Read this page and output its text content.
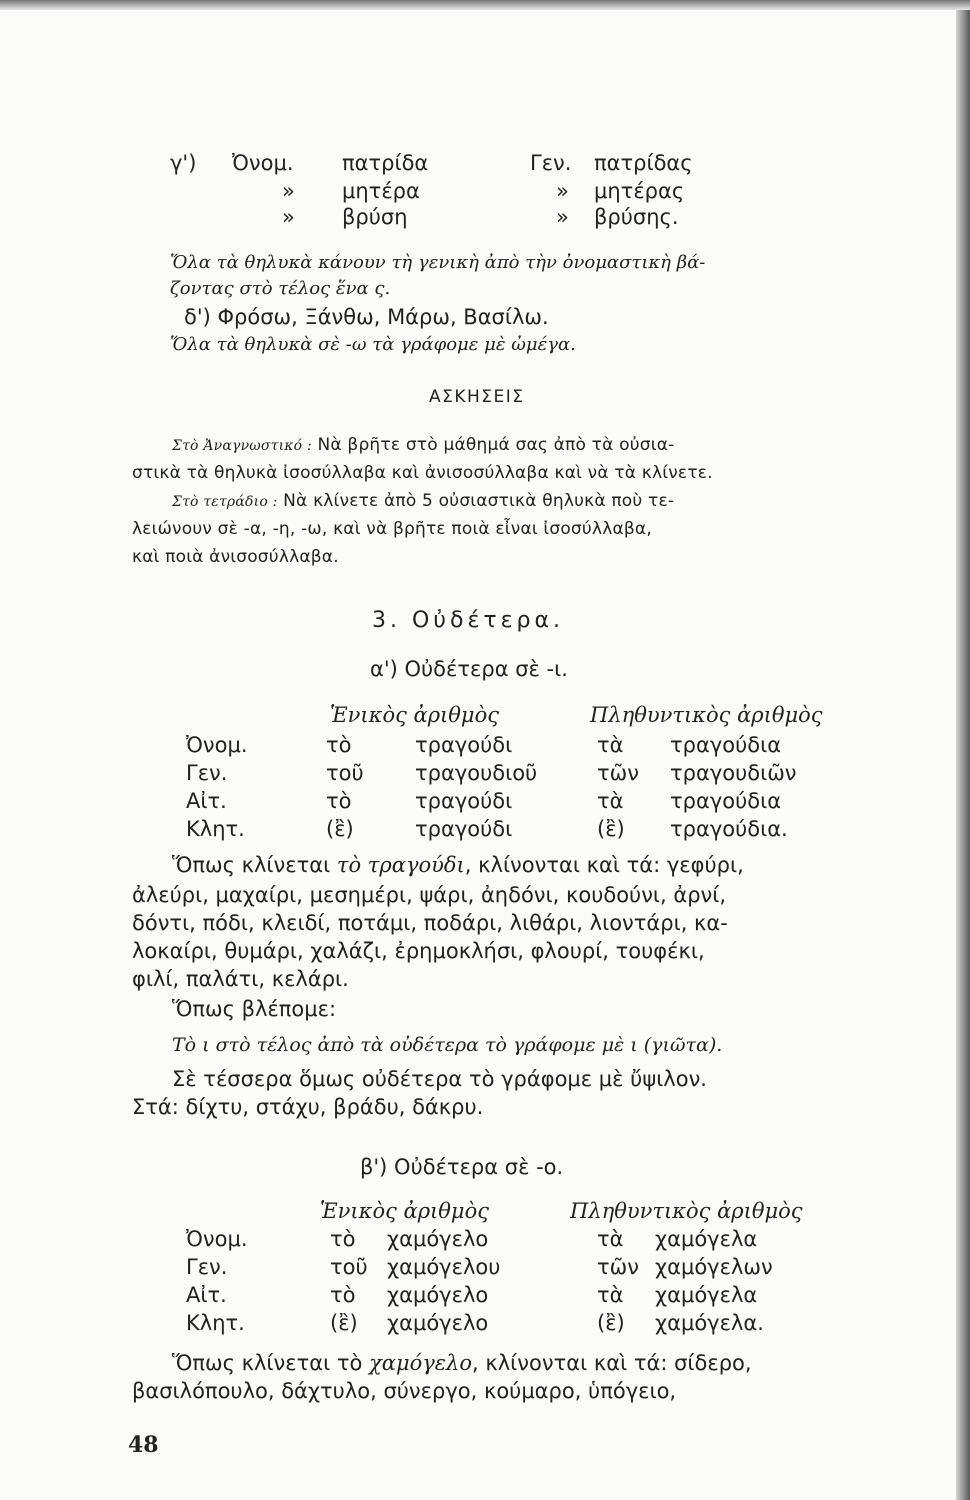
γ') Ὀνομ. πατρίδα	Γεν. πατρίδας
» μητέρα	» μητέρας
» βρύση	» βρύσης.
Ὅλα τὰ θηλυκὰ κάνουν τὴ γενικὴ ἀπὸ τὴν ὀνομαστικὴ βά-
ζοντας στὸ τέλος ἕνα ς.
δ') Φρόσω, Ξάνθω, Μάρω, Βασίλω.
Ὅλα τὰ θηλυκὰ σὲ -ω τὰ γράφομε μὲ ὠμέγα.
ΑΣΚΗΣΕΙΣ
Στὸ Ἀναγνωστικό : Νὰ βρῆτε στὸ μάθημά σας ἀπὸ τὰ οὐσια-
στικὰ τὰ θηλυκὰ ἰσοσύλλαβα καὶ ἀνισοσύλλαβα καὶ νὰ τὰ κλίνετε.
Στὸ τετράδιο : Νὰ κλίνετε ἀπὸ 5 οὐσιαστικὰ θηλυκὰ ποὺ τε-
λειώνουν σὲ -α, -η, -ω, καὶ νὰ βρῆτε ποιὰ εἶναι ἰσοσύλλαβα,
καὶ ποιὰ ἀνισοσύλλαβα.
3. Οὐδέτερα.
α') Οὐδέτερα σὲ -ι.
Ἑνικὸς ἀριθμὸς	Πληθυντικὸς ἀριθμὸς
Ὀνομ.	τὸ	τραγούδι	τὰ τραγούδια
Γεν.	τοῦ τραγουδιοῦ	τῶν τραγουδιῶν
Αἰτ.	τὸ	τραγούδι	τὰ τραγούδια
Κλητ.	(ἒ)	τραγούδι	(ἒ) τραγούδια.
Ὅπως κλίνεται τὸ τραγούδι, κλίνονται καὶ τά: γεφύρι,
ἀλεύρι, μαχαίρι, μεσημέρι, ψάρι, ἀηδόνι, κουδούνι, ἀρνί,
δόντι, πόδι, κλειδί, ποτάμι, ποδάρι, λιθάρι, λιοντάρι, κα-
λοκαίρι, θυμάρι, χαλάζι, ἐρημοκλήσι, φλουρί, τουφέκι,
φιλί, παλάτι, κελάρι.
Ὅπως βλέπομε:
Τὸ ι στὸ τέλος ἀπὸ τὰ οὐδέτερα τὸ γράφομε μὲ ι (γιῶτα).
Σὲ τέσσερα ὅμως οὐδέτερα τὸ γράφομε μὲ ὔψιλον.
Στά: δίχτυ, στάχυ, βράδυ, δάκρυ.
β') Οὐδέτερα σὲ -ο.
Ἑνικὸς ἀριθμὸς	Πληθυντικὸς ἀριθμὸς
Ὀνομ.	τὸ χαμόγελο	τὰ χαμόγελα
Γεν.	τοῦ χαμόγελου	τῶν χαμόγελων
Αἰτ.	τὸ χαμόγελο	τὰ χαμόγελα
Κλητ.	(ἒ) χαμόγελο	(ἒ) χαμόγελα.
Ὅπως κλίνεται τὸ χαμόγελο, κλίνονται καὶ τά: σίδερο,
βασιλόπουλο, δάχτυλο, σύνεργο, κούμαρο, ὑπόγειο,
48
